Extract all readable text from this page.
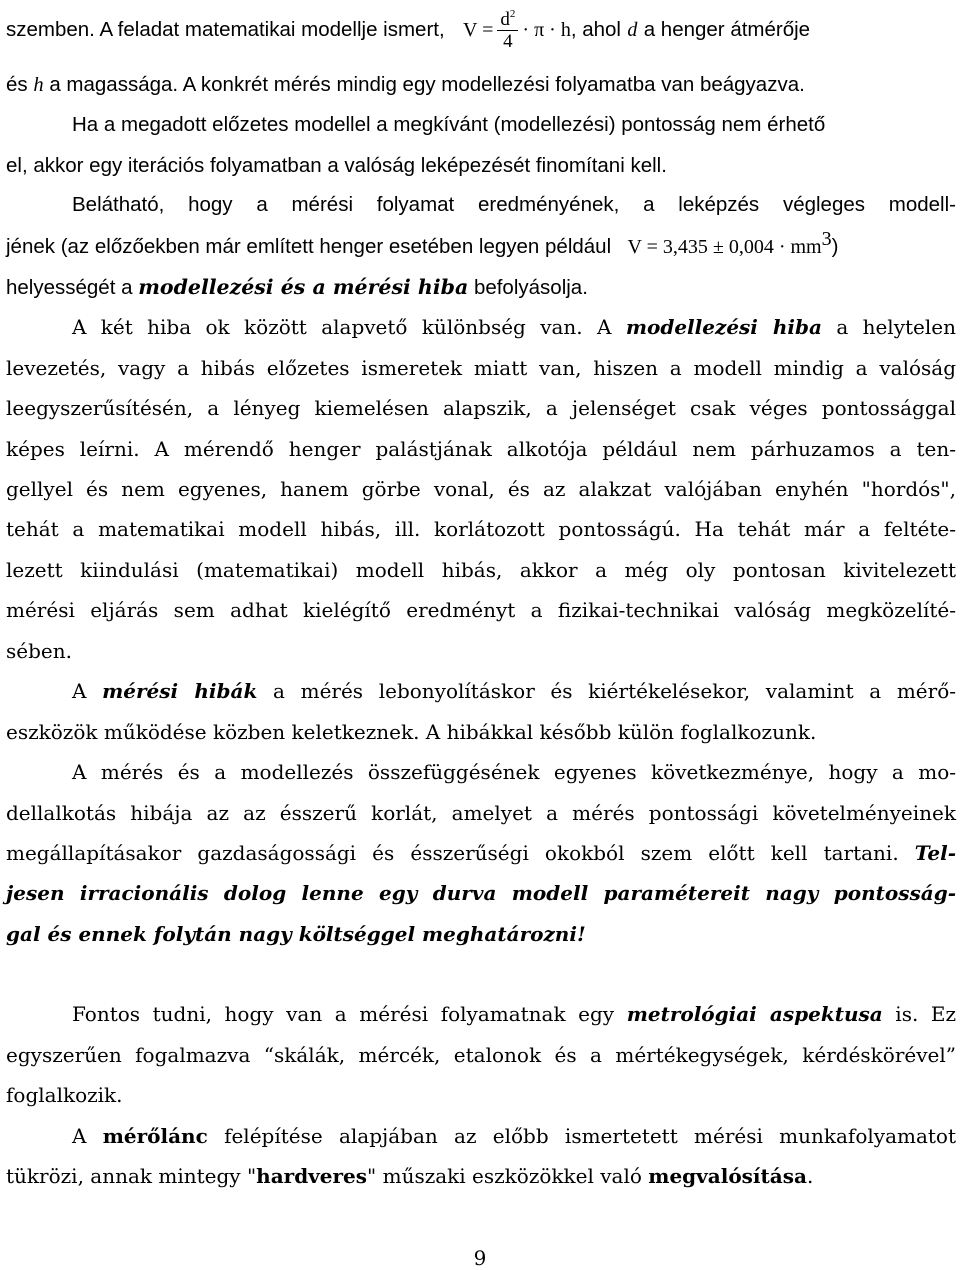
szemben. A feladat matematikai modellje ismert, $V = \frac{d^2}{4} \cdot \pi \cdot h$, ahol d a henger átmérője
és h a magassága. A konkrét mérés mindig egy modellezési folyamatba van beágyazva.
Ha a megadott előzetes modellel a megkívánt (modellezési) pontosság nem érhető
el, akkor egy iterációs folyamatban a valóság leképezését finomítani kell.
Belátható, hogy a mérési folyamat eredményének, a leképzés végleges modell-
jének (az előzőekben már említett henger esetében legyen például $V = 3,435 \pm 0,004 \cdot mm^3$)
helyességét a modellezési és a mérési hiba befolyásolja.
A két hiba ok között alapvető különbség van. A modellezési hiba a helytelen
levezetés, vagy a hibás előzetes ismeretek miatt van, hiszen a modell mindig a valóság
leegyszerűsítésén, a lényeg kiemelésen alapszik, a jelenséget csak véges pontossággal
képes leírni. A mérendő henger palástjának alkotója például nem párhuzamos a ten-
gellyel és nem egyenes, hanem görbe vonal, és az alakzat valójában enyhén "hordós",
tehát a matematikai modell hibás, ill. korlátozott pontosságú. Ha tehát már a feltéte-
lezett kiindulási (matematikai) modell hibás, akkor a még oly pontosan kivitelezett
mérési eljárás sem adhat kielégítő eredményt a fizikai-technikai valóság megközelíté-
sében.
A mérési hibák a mérés lebonyolításkor és kiértékelésekor, valamint a mérő-
eszközök működése közben keletkeznek. A hibákkal később külön foglalkozunk.
A mérés és a modellezés összefüggésének egyenes következménye, hogy a mo-
dellalkotás hibája az az ésszerű korlát, amelyet a mérés pontossági követelményeinek
megállapításakor gazdaságossági és ésszerűségi okokból szem előtt kell tartani. Tel-
jesen irracionális dolog lenne egy durva modell paramétereit nagy pontosság-
gal és ennek folytán nagy költséggel meghatározni!
Fontos tudni, hogy van a mérési folyamatnak egy metrológiai aspektusa is. Ez
egyszerűen fogalmazva “skálák, mércék, etalonok és a mértékegységek, kérdéskörével”
foglalkozik.
A mérőlánc felépítése alapjában az előbb ismertetett mérési munkafolyamatot
tükrözi, annak mintegy "hardveres" műszaki eszközökkel való megvalósítása.
9
